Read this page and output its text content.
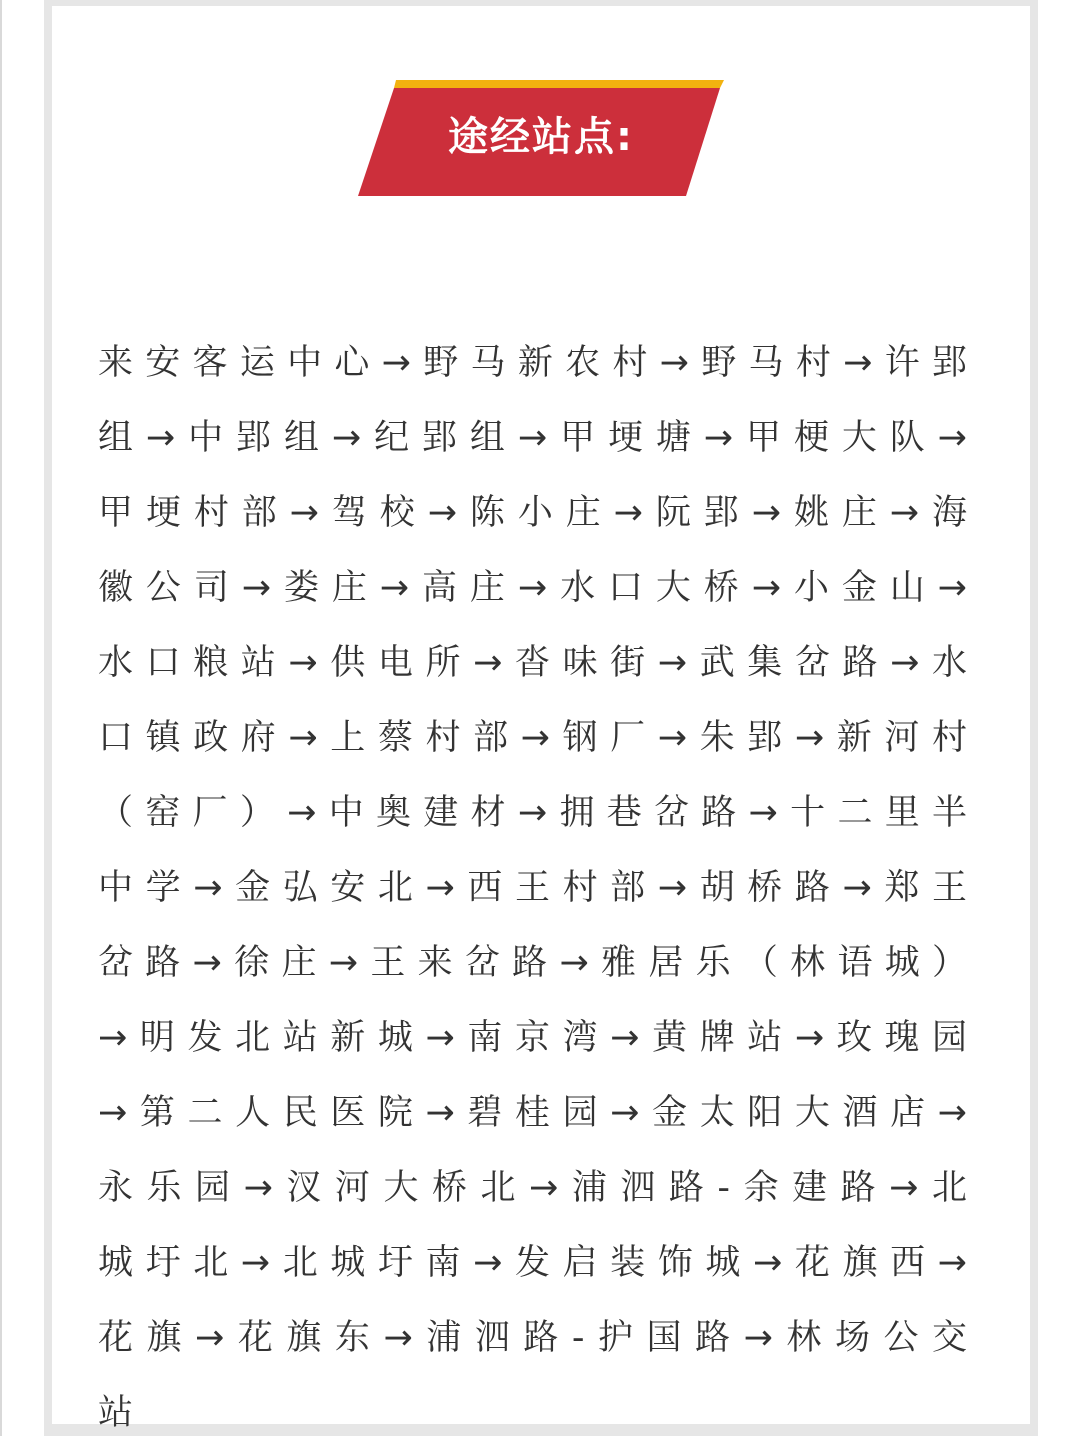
途经站点:
来安客运中心→野马新农村→野马村→许郢组→中郢组→纪郢组→甲埂塘→甲梗大队→甲埂村部→驾校→陈小庄→阮郢→姚庄→海徽公司→娄庄→高庄→水口大桥→小金山→水口粮站→供电所→沓味街→武集岔路→水口镇政府→上蔡村部→钢厂→朱郢→新河村（窑厂）→中奥建材→拥巷岔路→十二里半中学→金弘安北→西王村部→胡桥路→郑王岔路→徐庄→王来岔路→雅居乐（林语城）→明发北站新城→南京湾→黄牌站→玫瑰园→第二人民医院→碧桂园→金太阳大酒店→永乐园→汊河大桥北→浦泗路-余建路→北城圩北→北城圩南→发启装饰城→花旗西→花旗→花旗东→浦泗路-护国路→林场公交站
